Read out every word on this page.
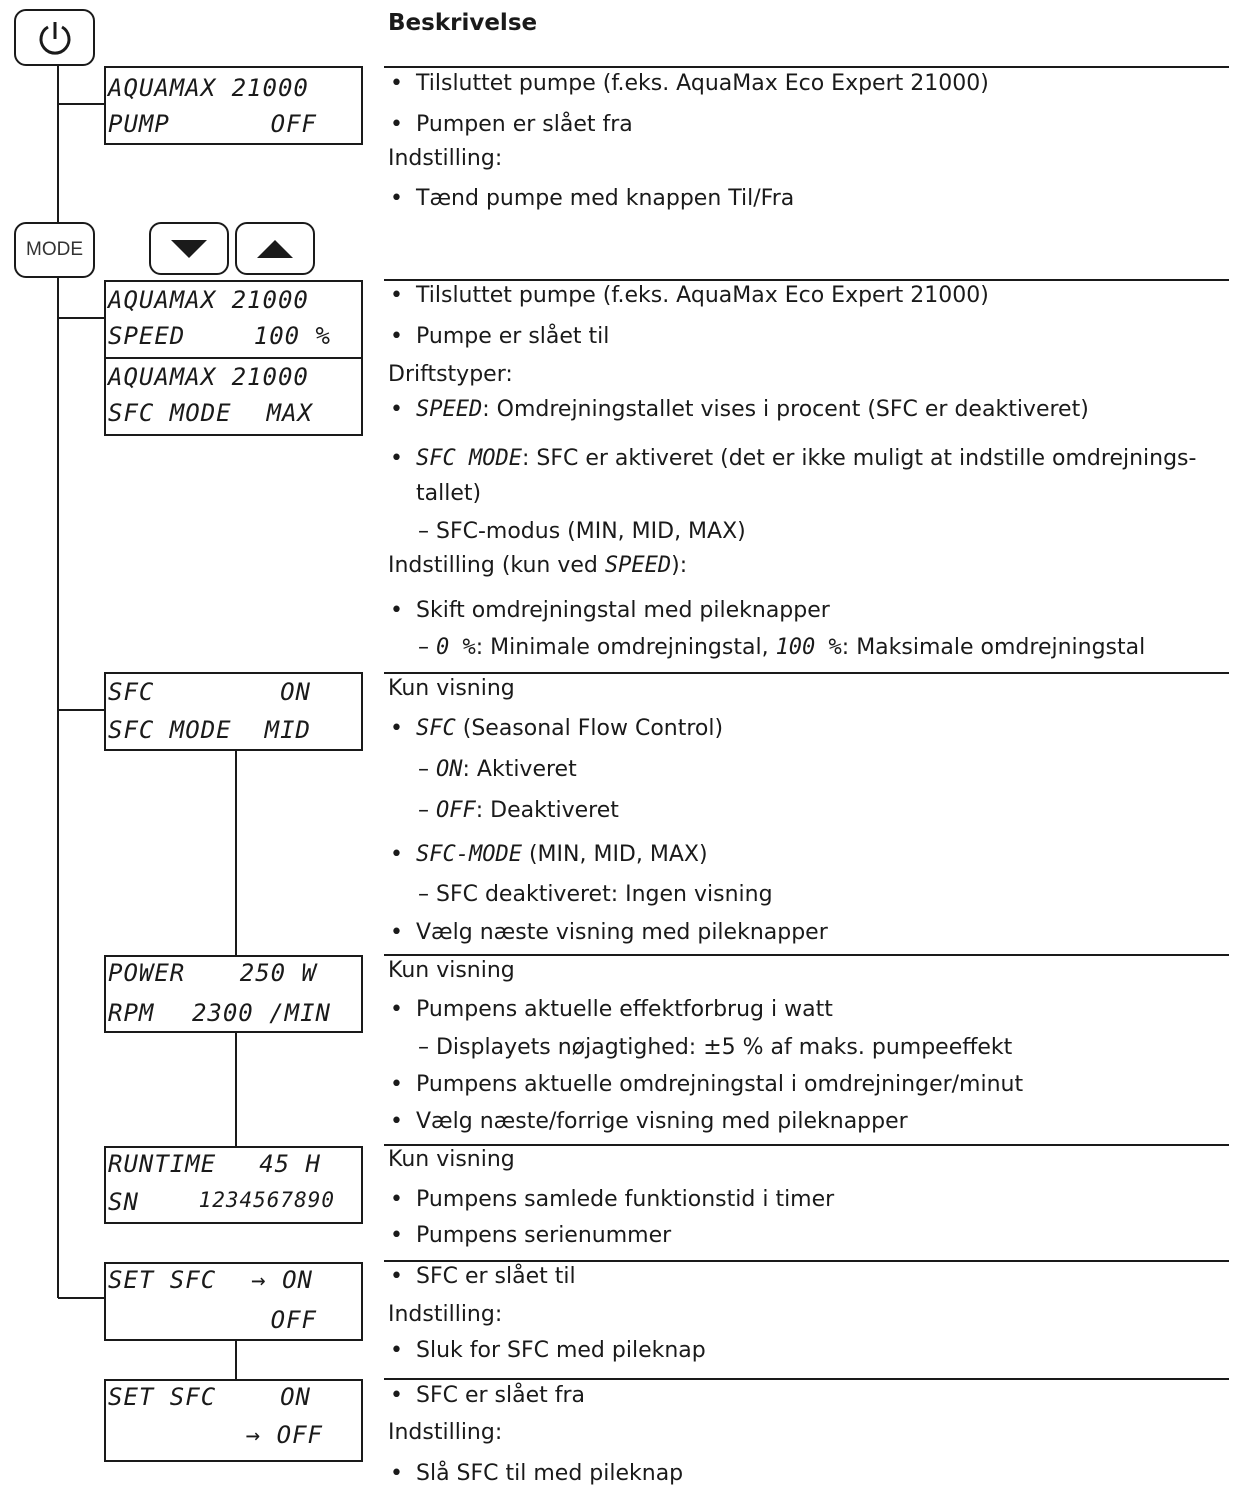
MODE
AQUAMAX 21000
PUMP	OFF
AQUAMAX 21000
SPEED	100 %
AQUAMAX 21000
SFC MODE MAX
SFC	ON
SFC MODE MID
POWER 250 W
RPM 2300 /MIN
RUNTIME 45 H
SN	1234567890
SET SFC → ON
OFF
SET SFC	ON
→ OFF
Beskrivelse
• Tilsluttet pumpe (f.eks. AquaMax Eco Expert 21000)
• Pumpen er slået fra
Indstilling:
• Tænd pumpe med knappen Til/Fra
• Tilsluttet pumpe (f.eks. AquaMax Eco Expert 21000)
• Pumpe er slået til
Driftstyper:
• SPEED: Omdrejningstallet vises i procent (SFC er deaktiveret)
• SFC MODE: SFC er aktiveret (det er ikke muligt at indstille omdrejningstallet)
– SFC-modus (MIN, MID, MAX)
Indstilling (kun ved SPEED):
• Skift omdrejningstal med pileknapper
– 0 %: Minimale omdrejningstal, 100 %: Maksimale omdrejningstal
Kun visning
• SFC (Seasonal Flow Control)
– ON: Aktiveret
– OFF: Deaktiveret
• SFC-MODE (MIN, MID, MAX)
– SFC deaktiveret: Ingen visning
• Vælg næste visning med pileknapper
Kun visning
• Pumpens aktuelle effektforbrug i watt
– Displayets nøjagtighed: ±5 % af maks. pumpeeffekt
• Pumpens aktuelle omdrejningstal i omdrejninger/minut
• Vælg næste/forrige visning med pileknapper
Kun visning
• Pumpens samlede funktionstid i timer
• Pumpens serienummer
• SFC er slået til
Indstilling:
• Sluk for SFC med pileknap
• SFC er slået fra
Indstilling:
• Slå SFC til med pileknap
